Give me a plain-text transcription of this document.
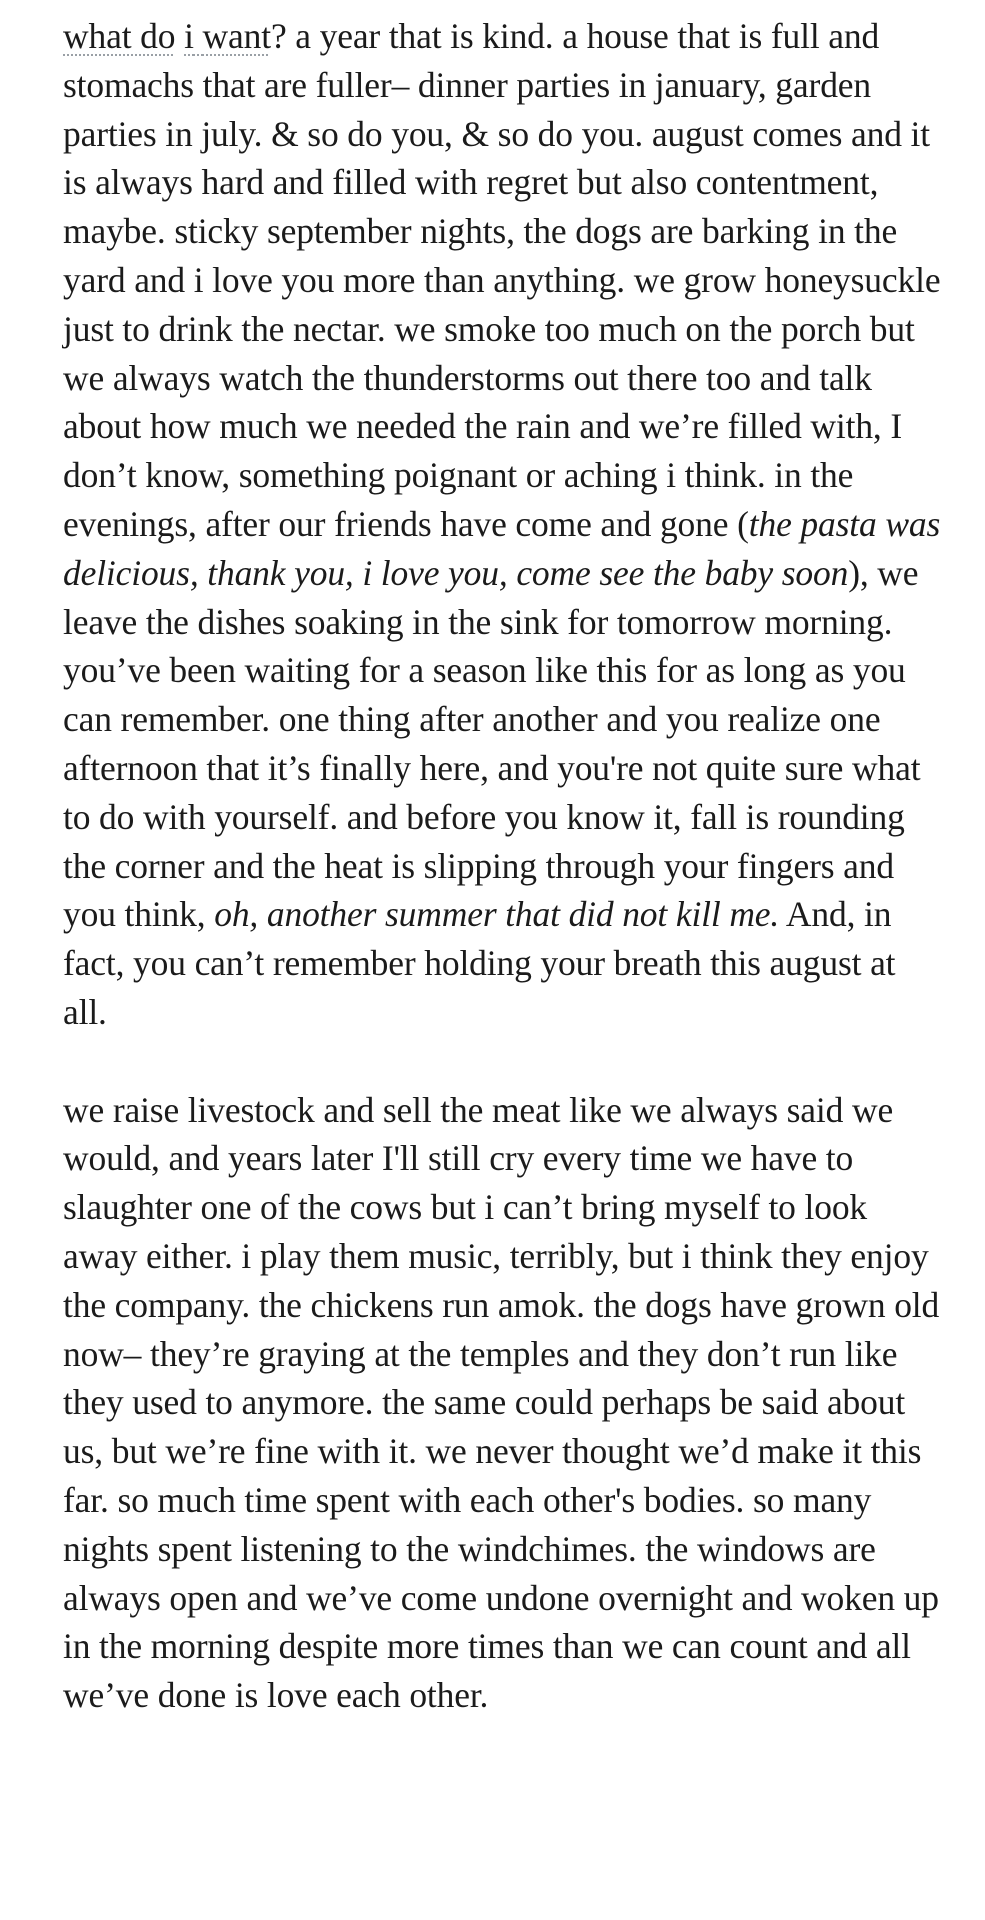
what do i want? a year that is kind. a house that is full and stomachs that are fuller– dinner parties in january, garden parties in july. & so do you, & so do you. august comes and it is always hard and filled with regret but also contentment, maybe. sticky september nights, the dogs are barking in the yard and i love you more than anything. we grow honeysuckle just to drink the nectar. we smoke too much on the porch but we always watch the thunderstorms out there too and talk about how much we needed the rain and we’re filled with, I don’t know, something poignant or aching i think. in the evenings, after our friends have come and gone (the pasta was delicious, thank you, i love you, come see the baby soon), we leave the dishes soaking in the sink for tomorrow morning. you’ve been waiting for a season like this for as long as you can remember. one thing after another and you realize one afternoon that it’s finally here, and you're not quite sure what to do with yourself. and before you know it, fall is rounding the corner and the heat is slipping through your fingers and you think, oh, another summer that did not kill me. And, in fact, you can’t remember holding your breath this august at all.

we raise livestock and sell the meat like we always said we would, and years later I'll still cry every time we have to slaughter one of the cows but i can’t bring myself to look away either. i play them music, terribly, but i think they enjoy the company. the chickens run amok. the dogs have grown old now– they’re graying at the temples and they don’t run like they used to anymore. the same could perhaps be said about us, but we’re fine with it. we never thought we’d make it this far. so much time spent with each other's bodies. so many nights spent listening to the windchimes. the windows are always open and we’ve come undone overnight and woken up in the morning despite more times than we can count and all we’ve done is love each other.
